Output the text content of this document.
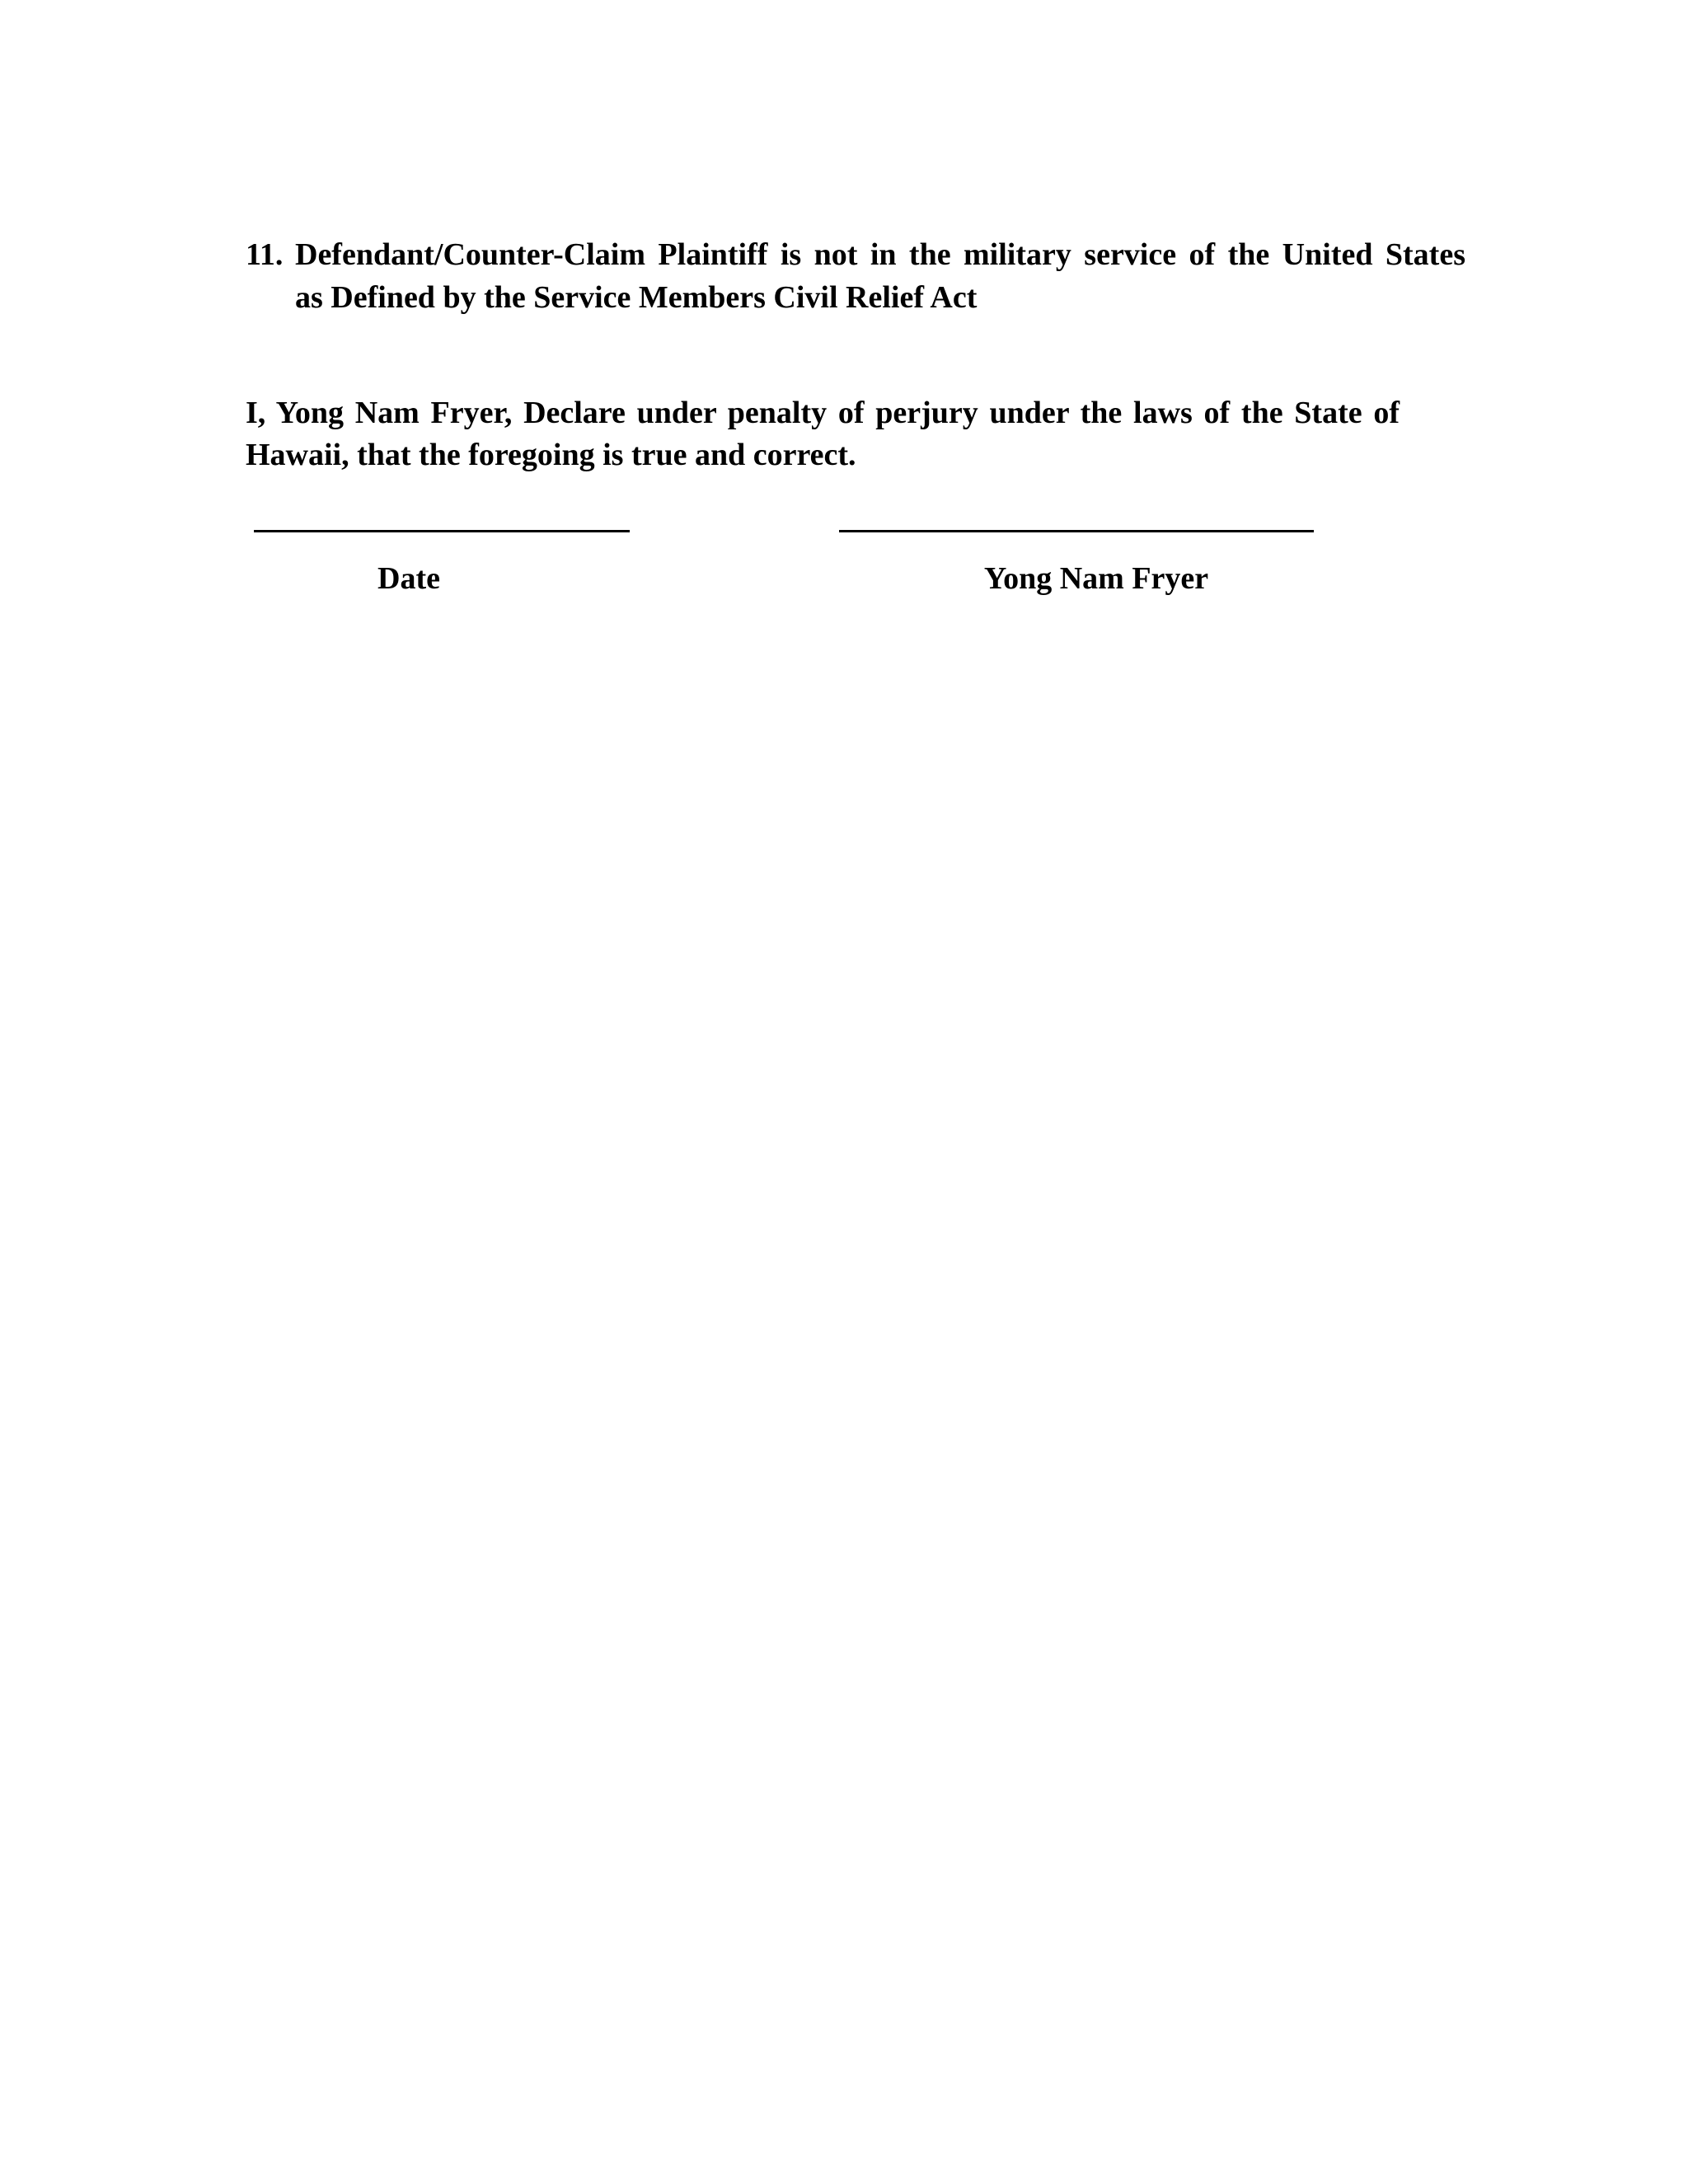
11. Defendant/Counter-Claim Plaintiff is not in the military service of the United States
as Defined by the Service Members Civil Relief Act
I, Yong Nam Fryer, Declare under penalty of perjury under the laws of the State of
Hawaii, that the foregoing is true and correct.
Date	Yong Nam Fryer
